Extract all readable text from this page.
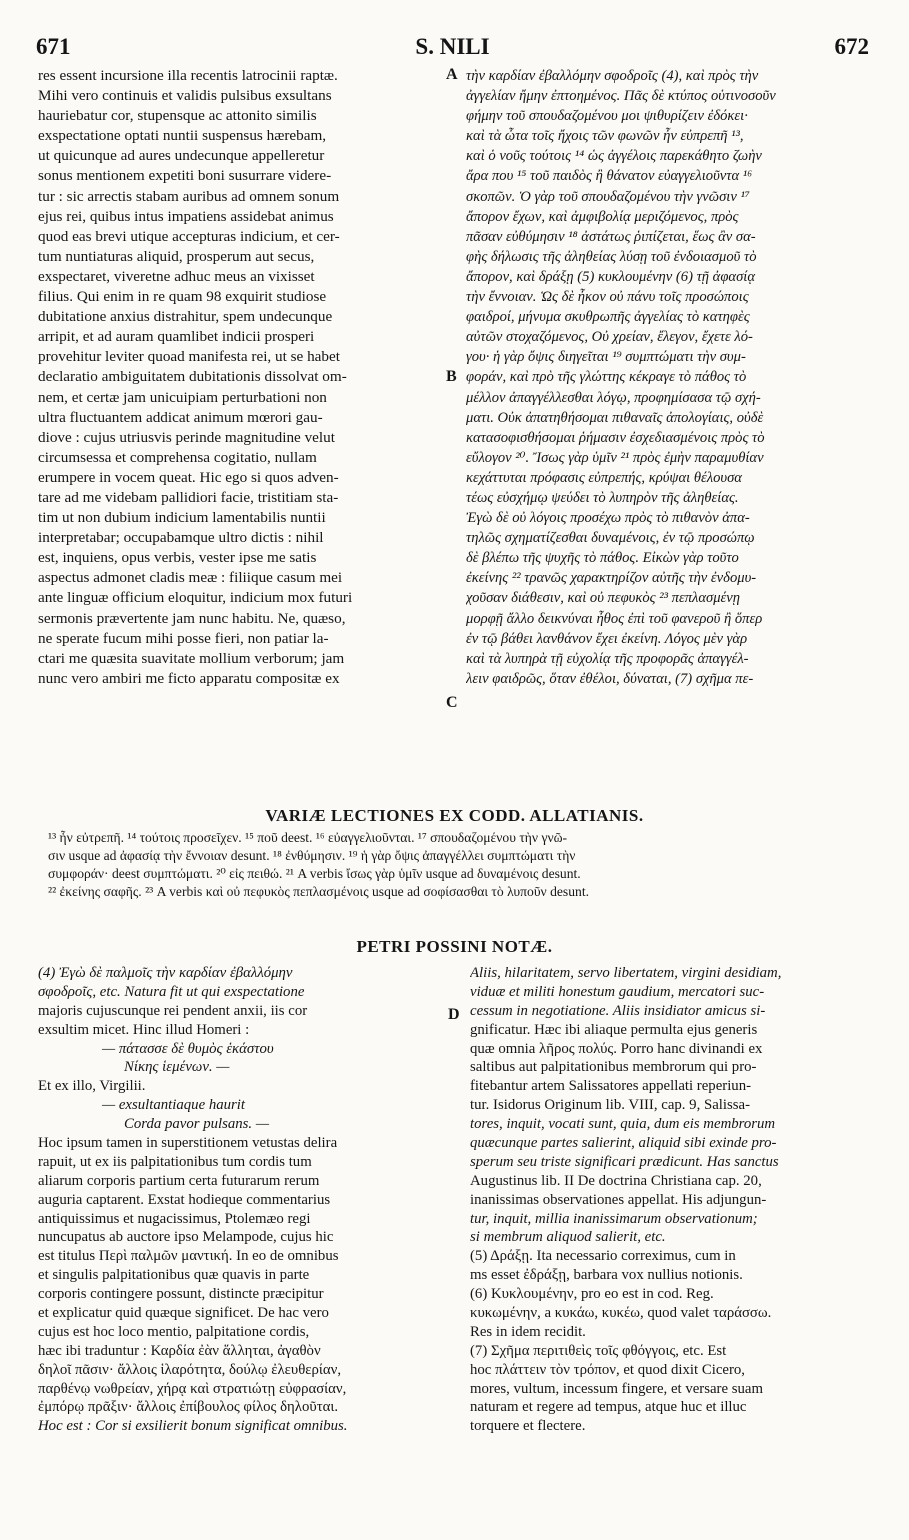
671	S. NILI	672
res essent incursione illa recentis latrocinii raptæ.
Mihi vero continuis et validis pulsibus exsultans
hauriebatur cor, stupensque ac attonito similis
exspectatione optati nuntii suspensus hærebam,
ut quicunque ad aures undecunque appelleretur
sonus mentionem expetiti boni susurrare videre-
tur : sic arrectis stabam auribus ad omnem sonum
ejus rei, quibus intus impatiens assidebat animus
quod eas brevi utique accepturas indicium, et cer-
tum nuntiaturas aliquid, prosperum aut secus,
exspectaret, viveretne adhuc meus an vixisset
filius. Qui enim in re quam 98 exquirit studiose
dubitatione anxius distrahitur, spem undecunque
arripit, et ad auram quamlibet indicii prosperi
provehitur leviter quoad manifesta rei, ut se habet
declaratio ambiguitatem dubitationis dissolvat om-
nem, et certæ jam unicuipiam perturbationi non
ultra fluctuantem addicat animum mœrori gau-
diove : cujus utriusvis perinde magnitudine velut
circumsessa et comprehensa cogitatio, nullam
erumpere in vocem queat. Hic ego si quos adven-
tare ad me videbam pallidiori facie, tristitiam sta-
tim ut non dubium indicium lamentabilis nuntii
interpretabar; occupabamque ultro dictis : nihil
est, inquiens, opus verbis, vester ipse me satis
aspectus admonet cladis meæ : filiique casum mei
ante linguæ officium eloquitur, indicium mox futuri
sermonis prævertente jam nunc habitu. Ne, quæso,
ne sperate fucum mihi posse fieri, non patiar la-
ctari me quæsita suavitate mollium verborum; jam
nunc vero ambiri me ficto apparatu compositæ ex
τὴν καρδίαν ἐβαλλόμην σφοδροῖς (4), καὶ πρὸς τὴν
ἀγγελίαν ἤμην ἐπτοημένος. Πᾶς δὲ κτύπος οὑτινοσοῦν
φήμην τοῦ σπουδαζομένου μοι ψιθυρίζειν ἐδόκει·
καὶ τὰ ὦτα τοῖς ἤχοις τῶν φωνῶν ἦν εὐπρεπῆ ¹³,
καὶ ὁ νοῦς τούτοις ¹⁴ ὡς ἀγγέλοις παρεκάθητο ζωὴν
ἄρα που ¹⁵ τοῦ παιδὸς ἢ θάνατον εὐαγγελιοῦντα ¹⁶
σκοπῶν. Ὁ γὰρ τοῦ σπουδαζομένου τὴν γνῶσιν ¹⁷
ἄπορον ἔχων, καὶ ἀμφιβολίᾳ μεριζόμενος, πρὸς
πᾶσαν εὐθύμησιν ¹⁸ ἀστάτως ῥιπίζεται, ἕως ἂν σα-
φὴς δήλωσις τῆς ἀληθείας λύσῃ τοῦ ἐνδοιασμοῦ τὸ
ἄπορον, καὶ δράξῃ (5) κυκλουμένην (6) τῇ ἀφασίᾳ
τὴν ἔννοιαν. Ὡς δὲ ἦκον οὐ πάνυ τοῖς προσώποις
φαιδροί, μήνυμα σκυθρωπῆς ἀγγελίας τὸ κατηφὲς
αὐτῶν στοχαζόμενος, Οὐ χρείαν, ἔλεγον, ἔχετε λό-
γου· ἡ γὰρ ὄψις διηγεῖται ¹⁹ συμπτώματι τὴν συμ-
φοράν, καὶ πρὸ τῆς γλώττης κέκραγε τὸ πάθος τὸ
μέλλον ἀπαγγέλλεσθαι λόγῳ, προφημίσασα τῷ σχή-
ματι. Οὐκ ἀπατηθήσομαι πιθαναῖς ἀπολογίαις, οὐδὲ
κατασοφισθήσομαι ῥήμασιν ἐσχεδιασμένοις πρὸς τὸ
εὔλογον ²⁰. Ἴσως γὰρ ὑμῖν ²¹ πρὸς ἐμὴν παραμυθίαν
κεχάττυται πρόφασις εὐπρεπής, κρύψαι θέλουσα
τέως εὐσχήμῳ ψεύδει τὸ λυπηρὸν τῆς ἀληθείας.
Ἐγὼ δὲ οὐ λόγοις προσέχω πρὸς τὸ πιθανὸν ἀπα-
τηλῶς σχηματίζεσθαι δυναμένοις, ἐν τῷ προσώπῳ
δὲ βλέπω τῆς ψυχῆς τὸ πάθος. Εἰκὼν γὰρ τοῦτο
ἐκείνης ²² τρανῶς χαρακτηρίζον αὐτῆς τὴν ἐνδομυ-
χοῦσαν διάθεσιν, καὶ οὐ πεφυκὸς ²³ πεπλασμένῃ
μορφῇ ἄλλο δεικνύναι ἦθος ἐπὶ τοῦ φανεροῦ ἢ ὅπερ
ἐν τῷ βάθει λανθάνον ἔχει ἐκείνη. Λόγος μὲν γὰρ
καὶ τὰ λυπηρὰ τῇ εὐχολίᾳ τῆς προφορᾶς ἀπαγγέλ-
λειν φαιδρῶς, ὅταν ἐθέλοι, δύναται, (7) σχῆμα πε-
A
B
C
D
VARIÆ LECTIONES EX CODD. ALLATIANIS.
¹³ ἦν εὐτρεπῆ. ¹⁴ τούτοις προσεῖχεν. ¹⁵ ποῦ deest. ¹⁶ εὐαγγελιοῦνται. ¹⁷ σπουδαζομένου τὴν γνῶ-
σιν usque ad ἀφασίᾳ τὴν ἔννοιαν desunt. ¹⁸ ἐνθύμησιν. ¹⁹ ἡ γὰρ ὄψις ἀπαγγέλλει συμπτώματι τὴν
συμφοράν· deest συμπτώματι. ²⁰ εἰς πειθώ. ²¹ A verbis ἴσως γὰρ ὑμῖν usque ad δυναμένοις desunt.
²² ἐκείνης σαφῆς. ²³ A verbis καὶ οὐ πεφυκὸς πεπλασμένοις usque ad σοφίσασθαι τὸ λυποῦν desunt.
PETRI POSSINI NOTÆ.
(4) Ἐγὼ δὲ παλμοῖς τὴν καρδίαν ἐβαλλόμην
σφοδροῖς, etc. Natura fit ut qui exspectatione
majoris cujuscunque rei pendent anxii, iis cor
exsultim micet. Hinc illud Homeri :
— πάτασσε δὲ θυμὸς ἑκάστου
Νίκης ἱεμένων. —
Et ex illo, Virgilii.
— exsultantiaque haurit
Corda pavor pulsans. —
Hoc ipsum tamen in superstitionem vetustas delira
rapuit, ut ex iis palpitationibus tum cordis tum
aliarum corporis partium certa futurarum rerum
auguria captarent. Exstat hodieque commentarius
antiquissimus et nugacissimus, Ptolemæo regi
nuncupatus ab auctore ipso Melampode, cujus hic
est titulus Περὶ παλμῶν μαντική. In eo de omnibus
et singulis palpitationibus quæ quavis in parte
corporis contingere possunt, distincte præcipitur
et explicatur quid quæque significet. De hac vero
cujus est hoc loco mentio, palpitatione cordis,
hæc ibi traduntur : Καρδία ἐὰν ἅλληται, ἀγαθὸν
δηλοῖ πᾶσιν· ἄλλοις ἱλαρότητα, δούλῳ ἐλευθερίαν,
παρθένῳ νωθρείαν, χήρᾳ καὶ στρατιώτῃ εὐφρασίαν,
ἐμπόρῳ πρᾶξιν· ἄλλοις ἐπίβουλος φίλος δηλοῦται.
Hoc est : Cor si exsilierit bonum significat omnibus.
Aliis, hilaritatem, servo libertatem, virgini desidiam,
viduæ et militi honestum gaudium, mercatori suc-
cessum in negotiatione. Aliis insidiator amicus si-
gnificatur. Hæc ibi aliaque permulta ejus generis
quæ omnia λῆρος πολύς. Porro hanc divinandi ex
saltibus aut palpitationibus membrorum qui pro-
fitebantur artem Salissatores appellati reperiun-
tur. Isidorus Originum lib. VIII, cap. 9, Salissa-
tores, inquit, vocati sunt, quia, dum eis membrorum
quæcunque partes salierint, aliquid sibi exinde pro-
sperum seu triste significari prædicunt. Has sanctus
Augustinus lib. II De doctrina Christiana cap. 20,
inanissimas observationes appellat. His adjungun-
tur, inquit, millia inanissimarum observationum;
si membrum aliquod salierit, etc.
(5) Δράξῃ. Ita necessario correximus, cum in
ms esset ἐδράξῃ, barbara vox nullius notionis.
(6) Κυκλουμένην, pro eo est in cod. Reg.
κυκωμένην, a κυκάω, κυκέω, quod valet ταράσσω.
Res in idem recidit.
(7) Σχῆμα περιτιθεὶς τοῖς φθόγγοις, etc. Est
hoc πλάττειν τὸν τρόπον, et quod dixit Cicero,
mores, vultum, incessum fingere, et versare suam
naturam et regere ad tempus, atque huc et illuc
torquere et flectere.
